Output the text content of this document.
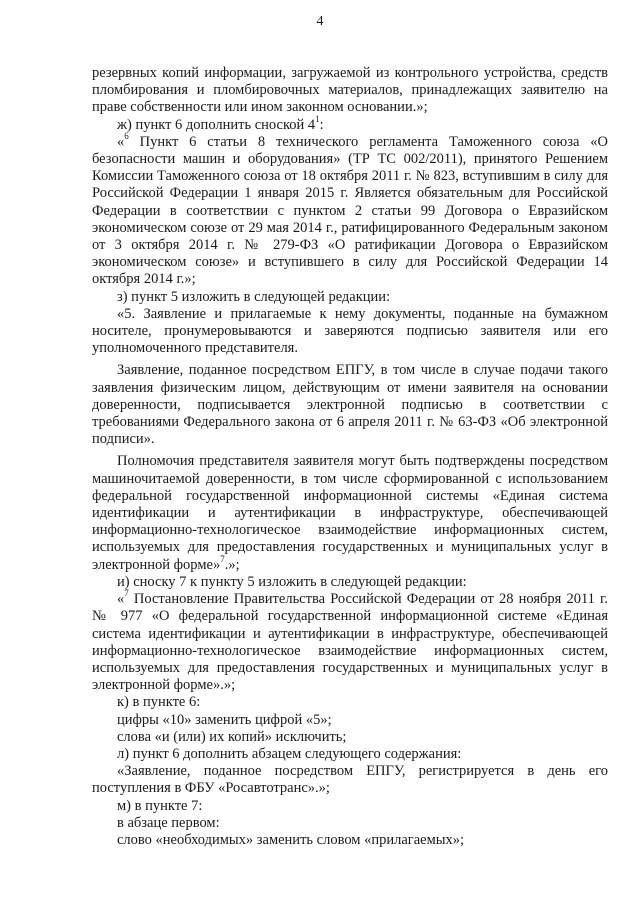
4

резервных копий информации, загружаемой из контрольного устройства, средств пломбирования и пломбировочных материалов, принадлежащих заявителю на праве собственности или ином законном основании.»;

ж) пункт 6 дополнить сноской $4^1$:

«$^6$ Пункт 6 статьи 8 технического регламента Таможенного союза «О безопасности машин и оборудования» (ТР ТС 002/2011), принятого Решением Комиссии Таможенного союза от 18 октября 2011 г. № 823, вступившим в силу для Российской Федерации 1 января 2015 г. Является обязательным для Российской Федерации в соответствии с пунктом 2 статьи 99 Договора о Евразийском экономическом союзе от 29 мая 2014 г., ратифицированного Федеральным законом от 3 октября 2014 г. № 279-ФЗ «О ратификации Договора о Евразийском экономическом союзе» и вступившего в силу для Российской Федерации 14 октября 2014 г.»;

з) пункт 5 изложить в следующей редакции:

«5. Заявление и прилагаемые к нему документы, поданные на бумажном носителе, пронумеровываются и заверяются подписью заявителя или его уполномоченного представителя.

Заявление, поданное посредством ЕПГУ, в том числе в случае подачи такого заявления физическим лицом, действующим от имени заявителя на основании доверенности, подписывается электронной подписью в соответствии с требованиями Федерального закона от 6 апреля 2011 г. № 63-ФЗ «Об электронной подписи».

Полномочия представителя заявителя могут быть подтверждены посредством машиночитаемой доверенности, в том числе сформированной с использованием федеральной государственной информационной системы «Единая система идентификации и аутентификации в инфраструктуре, обеспечивающей информационно-технологическое взаимодействие информационных систем, используемых для предоставления государственных и муниципальных услуг в электронной форме»$^7$.»;

и) сноску 7 к пункту 5 изложить в следующей редакции:

«$^7$ Постановление Правительства Российской Федерации от 28 ноября 2011 г. № 977 «О федеральной государственной информационной системе «Единая система идентификации и аутентификации в инфраструктуре, обеспечивающей информационно-технологическое взаимодействие информационных систем, используемых для предоставления государственных и муниципальных услуг в электронной форме».»;

к) в пункте 6:

цифры «10» заменить цифрой «5»;

слова «и (или) их копий» исключить;

л) пункт 6 дополнить абзацем следующего содержания:

«Заявление, поданное посредством ЕПГУ, регистрируется в день его поступления в ФБУ «Росавтотранс».»;

м) в пункте 7:

в абзаце первом:

слово «необходимых» заменить словом «прилагаемых»;
